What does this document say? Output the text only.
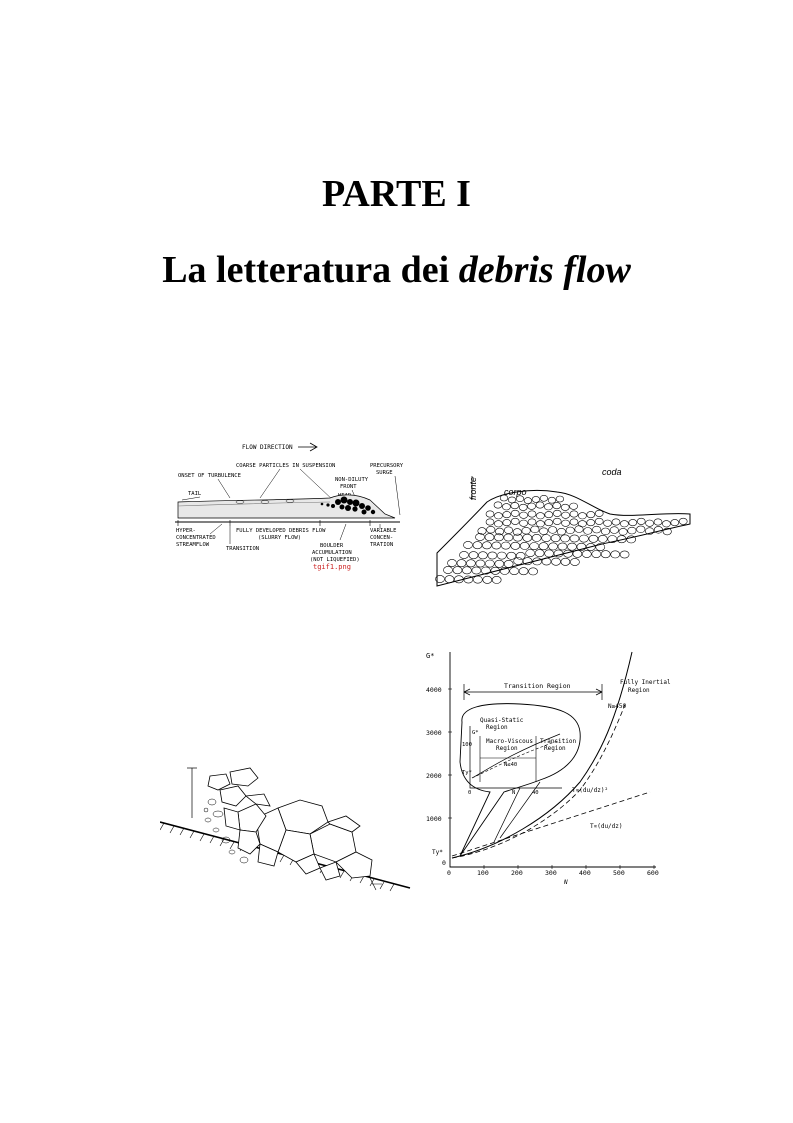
PARTE I
La letteratura dei debris flow
FLOW DIRECTION
COARSE PARTICLES IN SUSPENSION
ONSET OF TURBULENCE
PRECURSORY
SURGE
TAIL
NON-DILUTY
FRONT
HYPER-
CONCENTRATED
STREAMFLOW
FULLY DEVELOPED DEBRIS FLOW
(SLURRY FLOW)
TRANSITION	BOULDER
ACCUMULATION
(NOT LIQUEFIED)
VARIABLE
CONCEN-
TRATION
tgif1.png
fronte	corpo
coda
G*
N
4000
3000
2000
1000
0
0	100	200	300	400	500	600
Transition Region	Fully Inertial
Region
N≥450
T∝(du/dz)²
T∝(du/dz)
Ty*
Quasi-Static
Region
Macro-Viscous
Region
Transition
Region
G*
100
N≤40
Ty*
0	N	40
